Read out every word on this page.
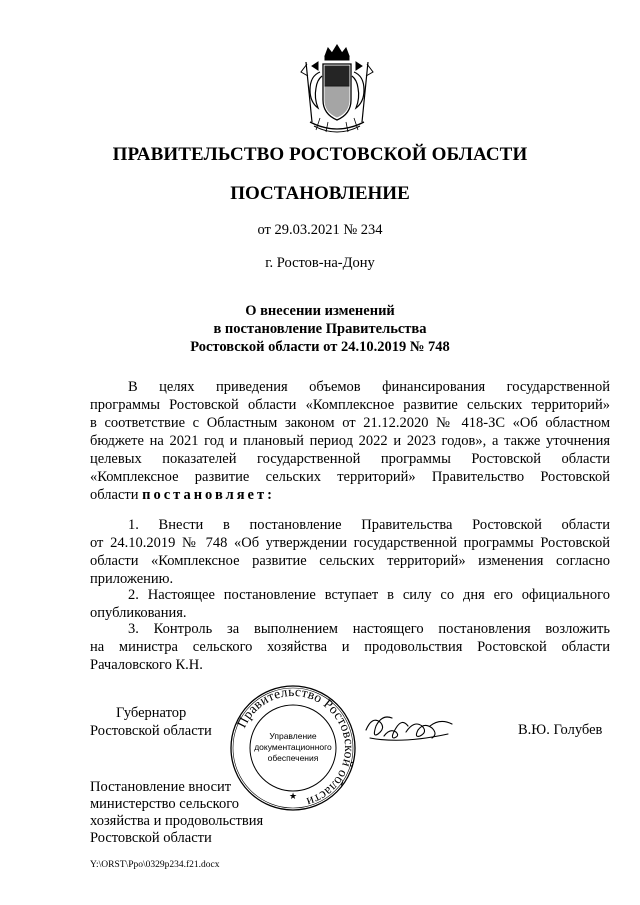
ПРАВИТЕЛЬСТВО РОСТОВСКОЙ ОБЛАСТИ
ПОСТАНОВЛЕНИЕ
от 29.03.2021 № 234
г. Ростов-на-Дону
О внесении изменений
в постановление Правительства
Ростовской области от 24.10.2019 № 748
В целях приведения объемов финансирования государственной
программы Ростовской области «Комплексное развитие сельских территорий»
в соответствие с Областным законом от 21.12.2020 № 418-ЗС «Об областном
бюджете на 2021 год и плановый период 2022 и 2023 годов», а также уточнения
целевых показателей государственной программы Ростовской области
«Комплексное развитие сельских территорий» Правительство Ростовской
области постановляет:
1. Внести в постановление Правительства Ростовской области
от 24.10.2019 № 748 «Об утверждении государственной программы Ростовской
области «Комплексное развитие сельских территорий» изменения согласно
приложению.
2. Настоящее постановление вступает в силу со дня его официального
опубликования.
3. Контроль за выполнением настоящего постановления возложить
на министра сельского хозяйства и продовольствия Ростовской области
Рачаловского К.Н.
Губернатор
Ростовской области
Правительство Ростовской области
★
Управление
документационного
обеспечения
В.Ю. Голубев
Постановление вносит
министерство сельского
хозяйства и продовольствия
Ростовской области
Y:\ORST\Ppo\0329p234.f21.docx
